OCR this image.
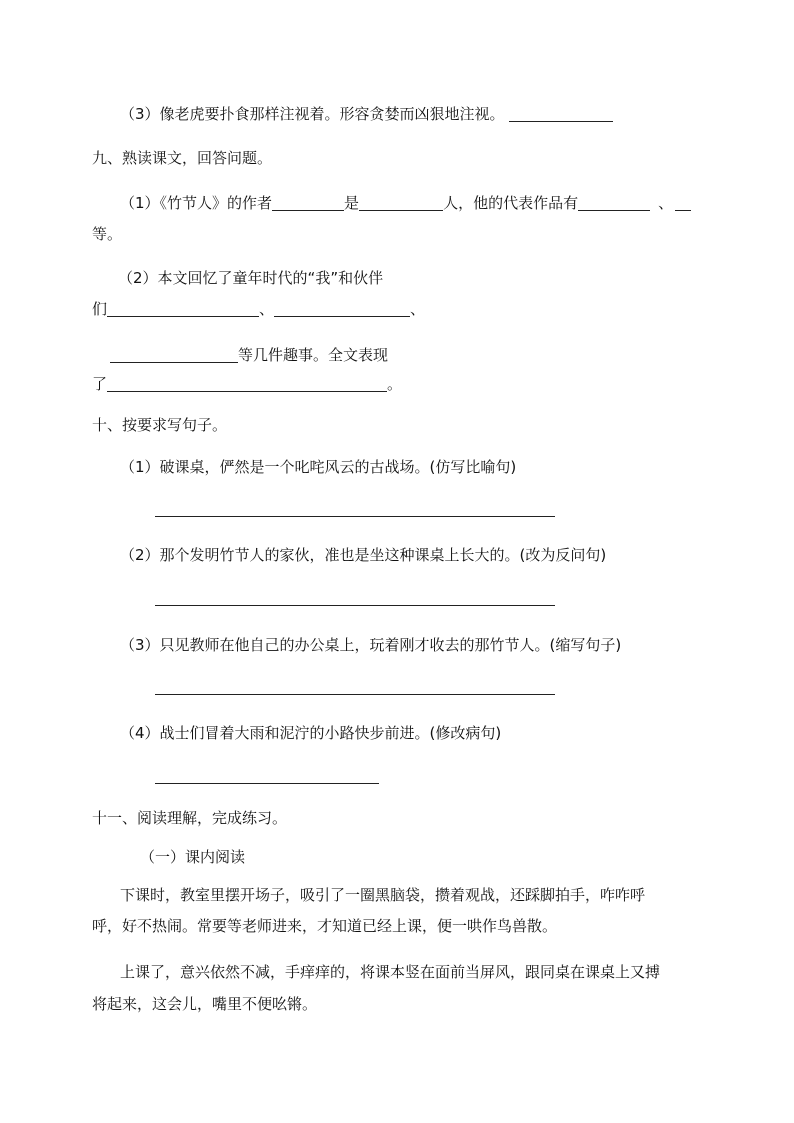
（3）像老虎要扑食那样注视着。形容贪婪而凶狠地注视。
九、熟读课文，回答问题。
（1）《竹节人》的作者	是	人，他的代表作品有	、
等。
（2）本文回忆了童年时代的“我”和伙伴
们	、	、
等几件趣事。全文表现
了	。
十、按要求写句子。
（1）破课桌，俨然是一个叱咤风云的古战场。(仿写比喻句)
（2）那个发明竹节人的家伙，准也是坐这种课桌上长大的。(改为反问句)
（3）只见教师在他自己的办公桌上，玩着刚才收去的那竹节人。(缩写句子)
（4）战士们冒着大雨和泥泞的小路快步前进。(修改病句)
十一、阅读理解，完成练习。
（一）课内阅读
下课时，教室里摆开场子，吸引了一圈黑脑袋，攒着观战，还踩脚拍手，咋咋呼
呼，好不热闹。常要等老师进来，才知道已经上课，便一哄作鸟兽散。
上课了，意兴依然不减，手痒痒的，将课本竖在面前当屏风，跟同桌在课桌上又搏
将起来，这会儿，嘴里不便吆锵。
